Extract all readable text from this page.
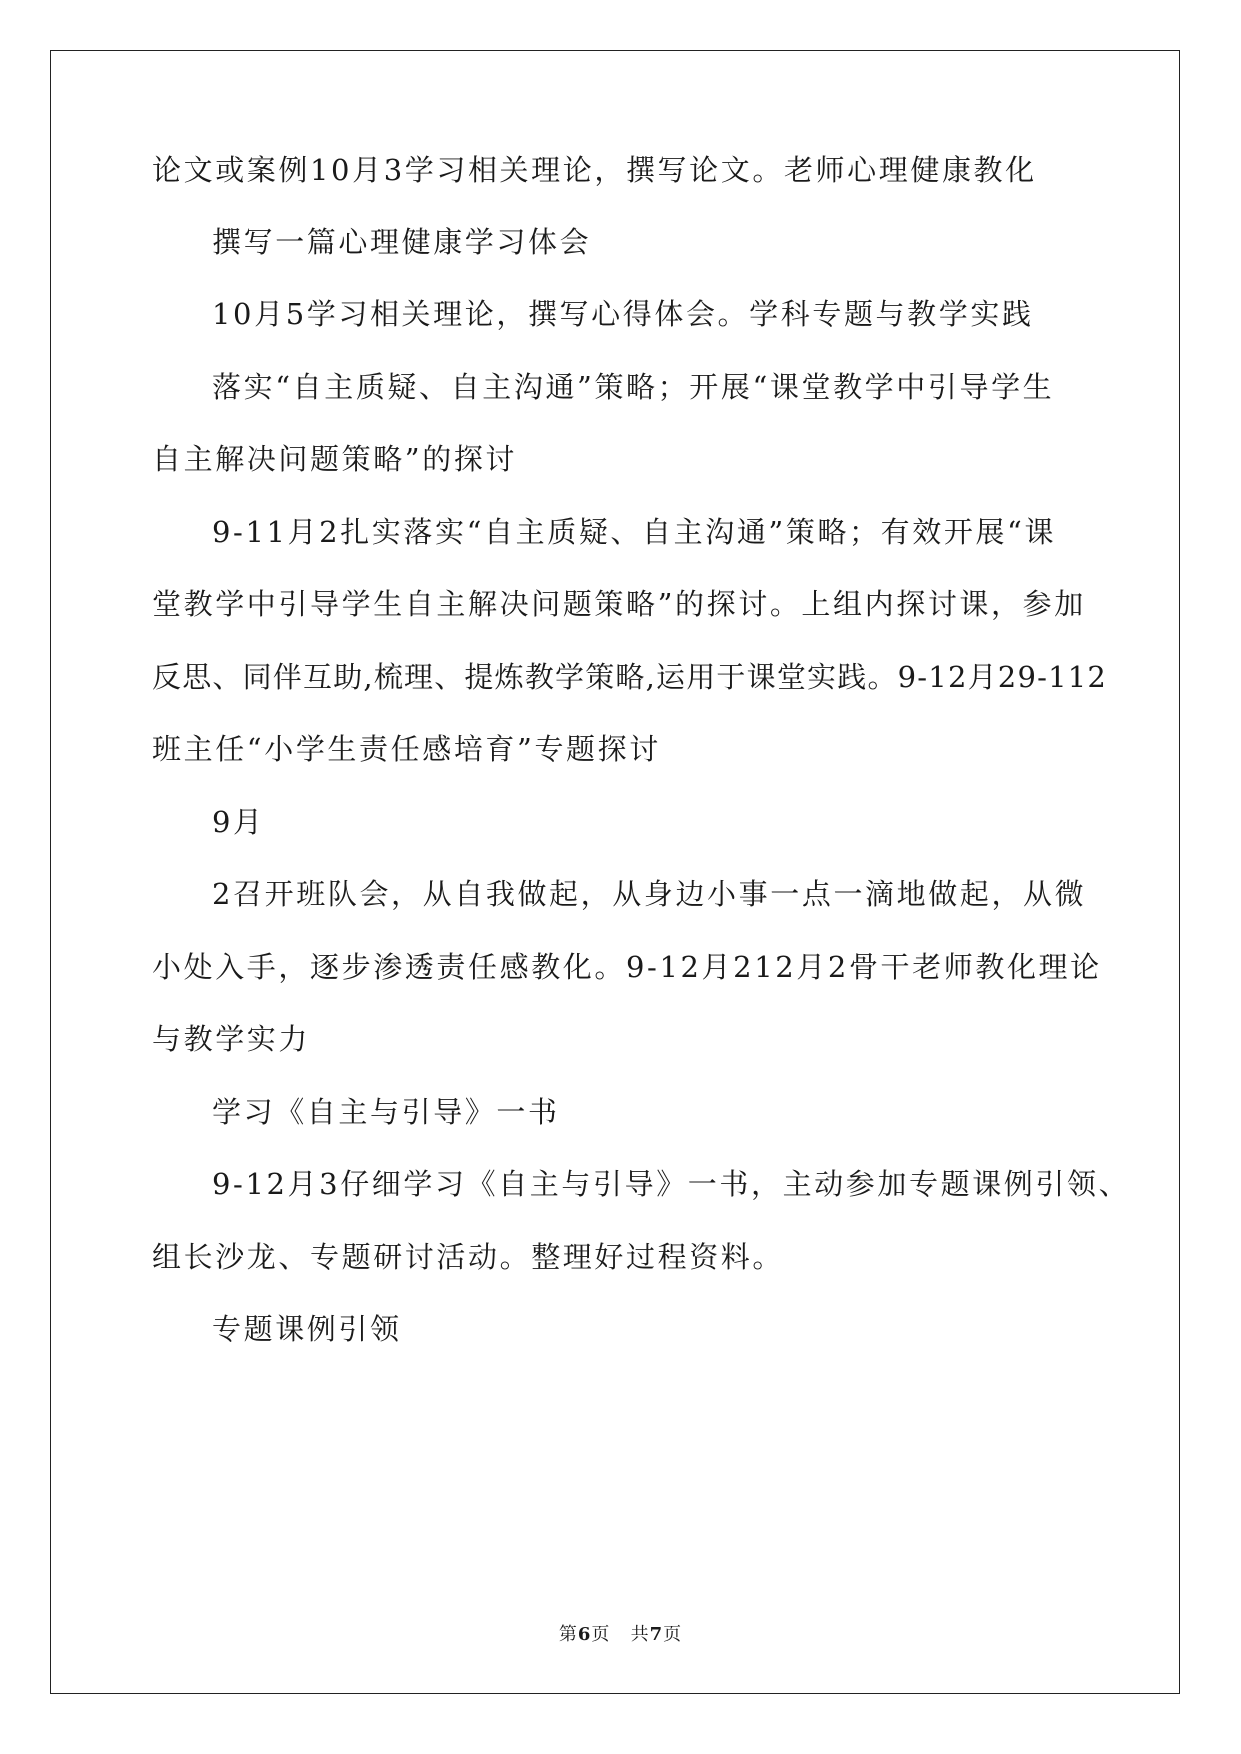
论文或案例10月3学习相关理论，撰写论文。老师心理健康教化
撰写一篇心理健康学习体会
10月5学习相关理论，撰写心得体会。学科专题与教学实践
落实“自主质疑、自主沟通”策略；开展“课堂教学中引导学生
自主解决问题策略”的探讨
9-11月2扎实落实“自主质疑、自主沟通”策略；有效开展“课
堂教学中引导学生自主解决问题策略”的探讨。上组内探讨课，参加
反思、同伴互助,梳理、提炼教学策略,运用于课堂实践。9-12月29-112
班主任“小学生责任感培育”专题探讨
9月
2召开班队会，从自我做起，从身边小事一点一滴地做起，从微
小处入手，逐步渗透责任感教化。9-12月212月2骨干老师教化理论
与教学实力
学习《自主与引导》一书
9-12月3仔细学习《自主与引导》一书，主动参加专题课例引领、
组长沙龙、专题研讨活动。整理好过程资料。
专题课例引领
第6页   共7页
